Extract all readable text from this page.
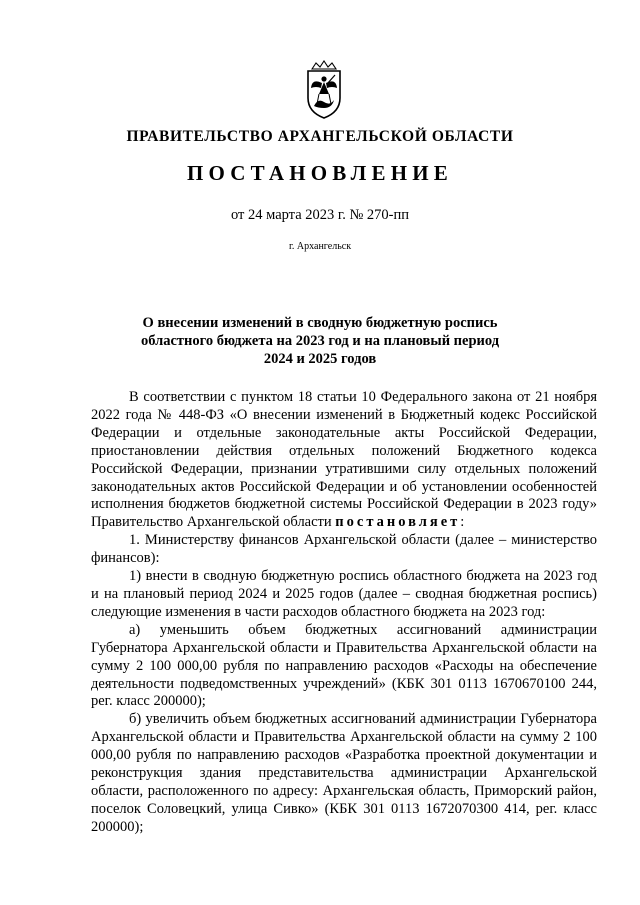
ПРАВИТЕЛЬСТВО АРХАНГЕЛЬСКОЙ ОБЛАСТИ
ПОСТАНОВЛЕНИЕ
от 24 марта 2023 г. № 270-пп
г. Архангельск
О внесении изменений в сводную бюджетную роспись
областного бюджета на 2023 год и на плановый период
2024 и 2025 годов

В соответствии с пунктом 18 статьи 10 Федерального закона от 21 ноября 2022 года № 448-ФЗ «О внесении изменений в Бюджетный кодекс Российской Федерации и отдельные законодательные акты Российской Федерации, приостановлении действия отдельных положений Бюджетного кодекса Российской Федерации, признании утратившими силу отдельных положений законодательных актов Российской Федерации и об установлении особенностей исполнения бюджетов бюджетной системы Российской Федерации в 2023 году» Правительство Архангельской области постановляет:

1. Министерству финансов Архангельской области (далее – министерство финансов):

1) внести в сводную бюджетную роспись областного бюджета на 2023 год и на плановый период 2024 и 2025 годов (далее – сводная бюджетная роспись) следующие изменения в части расходов областного бюджета на 2023 год:

а) уменьшить объем бюджетных ассигнований администрации Губернатора Архангельской области и Правительства Архангельской области на сумму 2 100 000,00 рубля по направлению расходов «Расходы на обеспечение деятельности подведомственных учреждений» (КБК 301 0113 1670670100 244, рег. класс 200000);

б) увеличить объем бюджетных ассигнований администрации Губернатора Архангельской области и Правительства Архангельской области на сумму 2 100 000,00 рубля по направлению расходов «Разработка проектной документации и реконструкция здания представительства администрации Архангельской области, расположенного по адресу: Архангельская область, Приморский район, поселок Соловецкий, улица Сивко» (КБК 301 0113 1672070300 414, рег. класс 200000);
